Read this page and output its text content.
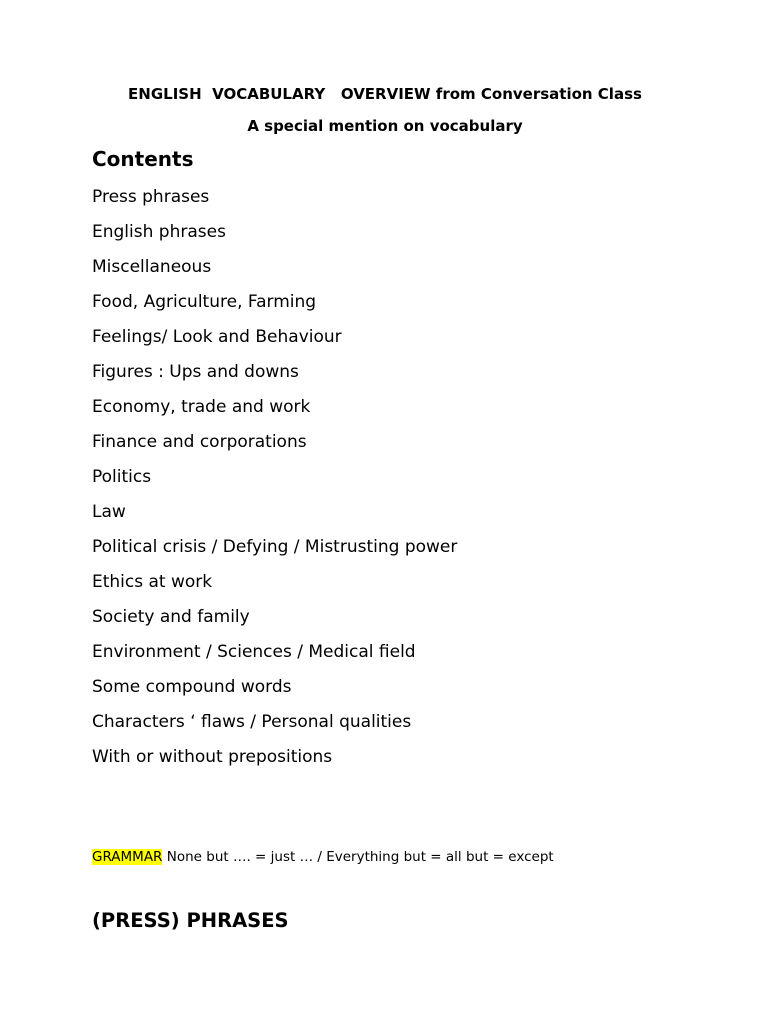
ENGLISH  VOCABULARY   OVERVIEW from Conversation Class
A special mention on vocabulary
Contents
Press phrases
English phrases
Miscellaneous
Food, Agriculture, Farming
Feelings/ Look and Behaviour
Figures : Ups and downs
Economy, trade and work
Finance and corporations
Politics
Law
Political crisis / Defying / Mistrusting power
Ethics at work
Society and family
Environment / Sciences / Medical field
Some compound words
Characters ‘ flaws / Personal qualities
With or without prepositions
GRAMMAR None but …. = just … / Everything but = all but = except
(PRESS) PHRASES
